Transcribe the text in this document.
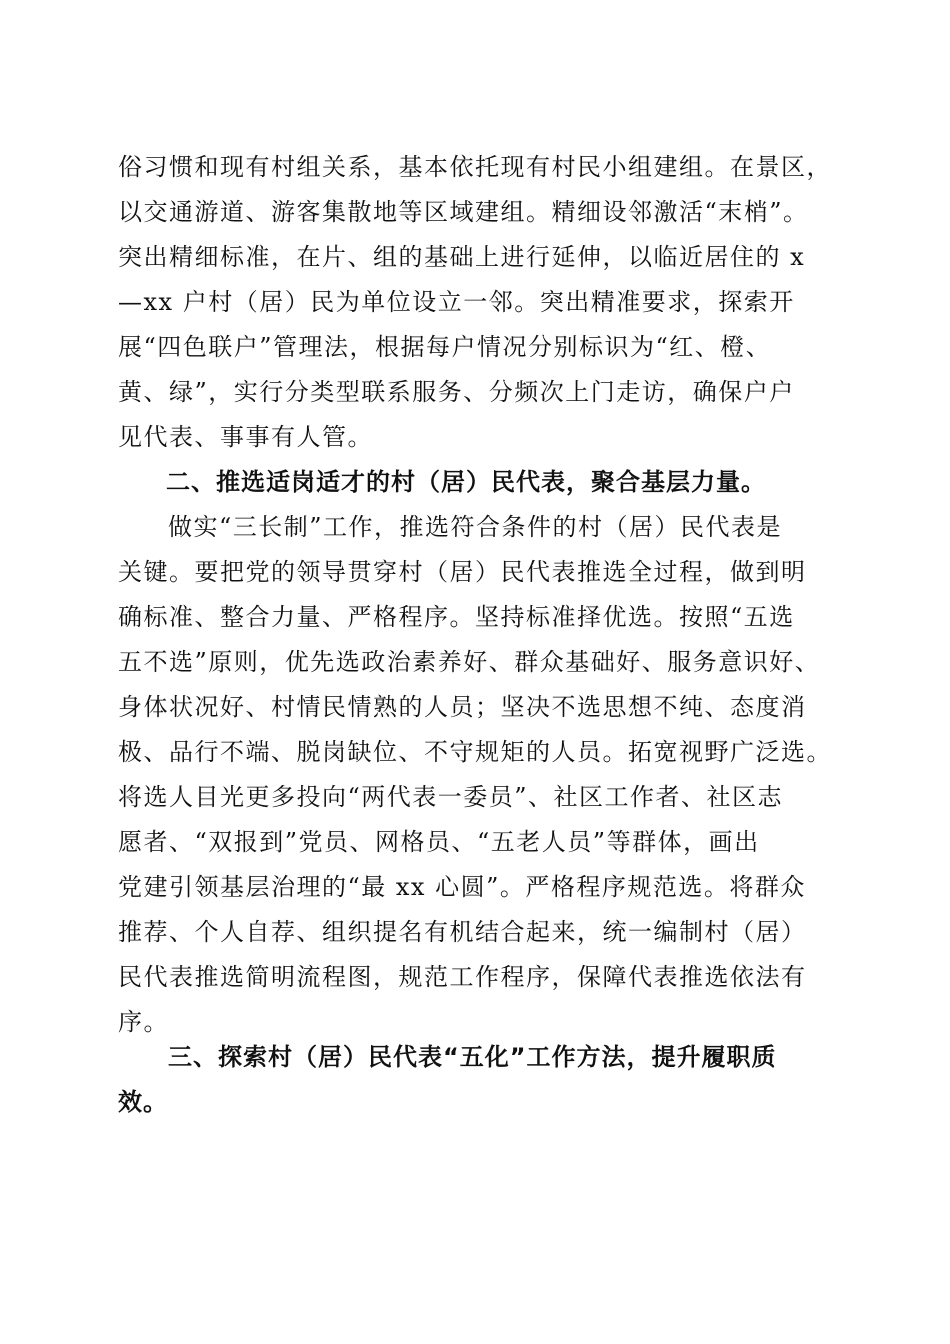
俗习惯和现有村组关系，基本依托现有村民小组建组。在景区，
以交通游道、游客集散地等区域建组。精细设邻激活“末梢”。
突出精细标准，在片、组的基础上进行延伸，以临近居住的 x
—xx 户村（居）民为单位设立一邻。突出精准要求，探索开
展“四色联户”管理法，根据每户情况分别标识为“红、橙、
黄、绿”，实行分类型联系服务、分频次上门走访，确保户户
见代表、事事有人管。
二、推选适岗适才的村（居）民代表，聚合基层力量。
做实“三长制”工作，推选符合条件的村（居）民代表是
关键。要把党的领导贯穿村（居）民代表推选全过程，做到明
确标准、整合力量、严格程序。坚持标准择优选。按照“五选
五不选”原则，优先选政治素养好、群众基础好、服务意识好、
身体状况好、村情民情熟的人员；坚决不选思想不纯、态度消
极、品行不端、脱岗缺位、不守规矩的人员。拓宽视野广泛选。
将选人目光更多投向“两代表一委员”、社区工作者、社区志
愿者、“双报到”党员、网格员、“五老人员”等群体，画出
党建引领基层治理的“最 xx 心圆”。严格程序规范选。将群众
推荐、个人自荐、组织提名有机结合起来，统一编制村（居）
民代表推选简明流程图，规范工作程序，保障代表推选依法有
序。
三、探索村（居）民代表“五化”工作方法，提升履职质
效。
